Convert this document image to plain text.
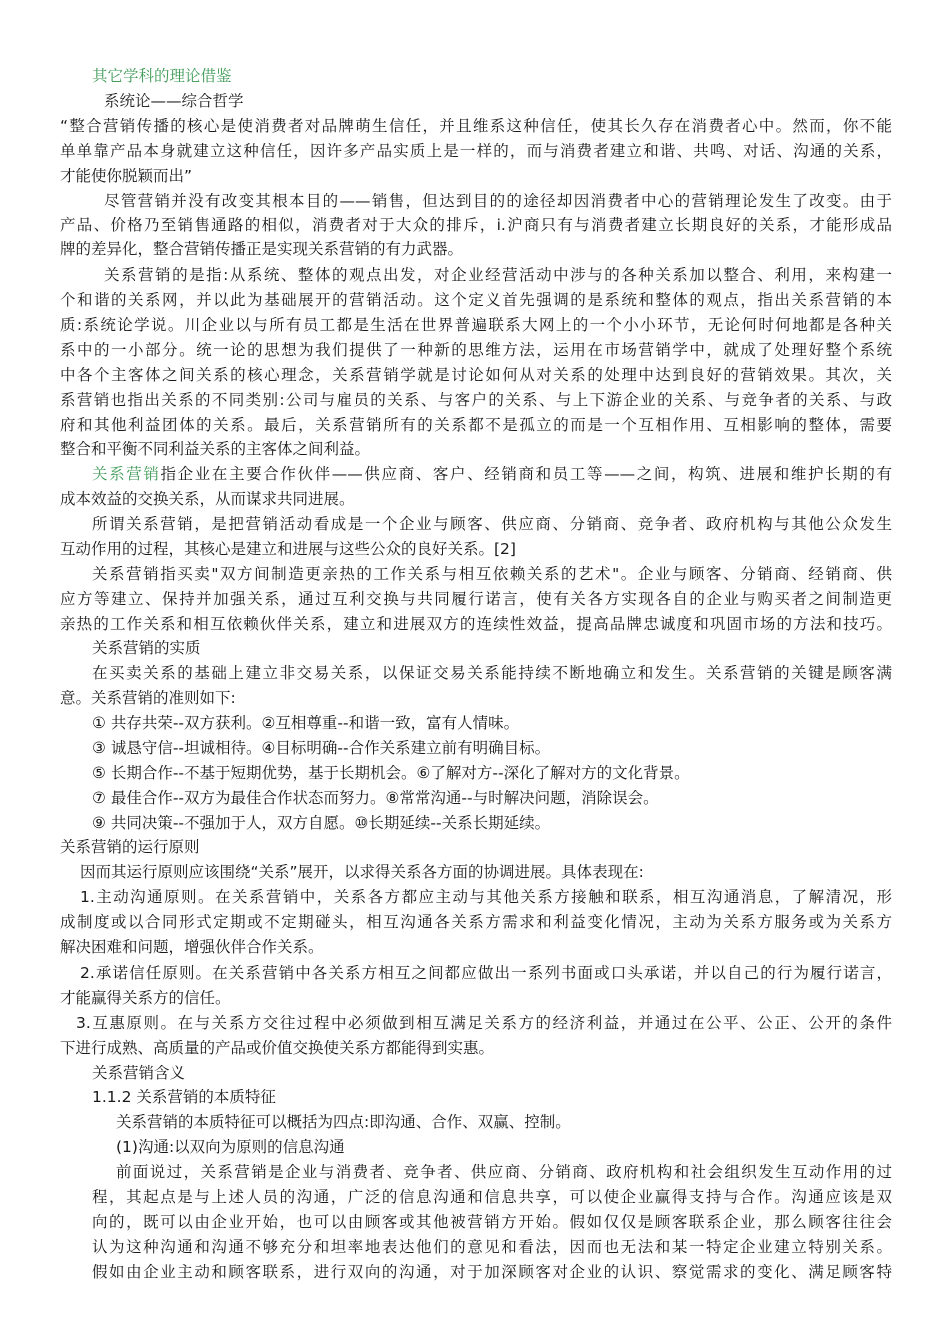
其它学科的理论借鉴
系统论——综合哲学
“整合营销传播的核心是使消费者对品牌萌生信任，并且维系这种信任，使其长久存在消费者心中。然而，你不能
单单靠产品本身就建立这种信任，因许多产品实质上是一样的，而与消费者建立和谐、共鸣、对话、沟通的关系，
才能使你脱颖而出”
尽管营销并没有改变其根本目的——销售，但达到目的的途径却因消费者中心的营销理论发生了改变。由于
产品、价格乃至销售通路的相似，消费者对于大众的排斥，i.沪商只有与消费者建立长期良好的关系，才能形成品
牌的差异化，整合营销传播正是实现关系营销的有力武器。
关系营销的是指:从系统、整体的观点出发，对企业经营活动中涉与的各种关系加以整合、利用，来构建一
个和谐的关系网，并以此为基础展开的营销活动。这个定义首先强调的是系统和整体的观点，指出关系营销的本
质:系统论学说。川企业以与所有员工都是生活在世界普遍联系大网上的一个小小环节，无论何时何地都是各种关
系中的一小部分。统一论的思想为我们提供了一种新的思维方法，运用在市场营销学中，就成了处理好整个系统
中各个主客体之间关系的核心理念，关系营销学就是讨论如何从对关系的处理中达到良好的营销效果。其次，关
系营销也指出关系的不同类别:公司与雇员的关系、与客户的关系、与上下游企业的关系、与竞争者的关系、与政
府和其他利益团体的关系。最后，关系营销所有的关系都不是孤立的而是一个互相作用、互相影响的整体，需要
整合和平衡不同利益关系的主客体之间利益。
关系营销指企业在主要合作伙伴——供应商、客户、经销商和员工等——之间，构筑、进展和维护长期的有
成本效益的交换关系，从而谋求共同进展。
所谓关系营销，是把营销活动看成是一个企业与顾客、供应商、分销商、竞争者、政府机构与其他公众发生
互动作用的过程，其核心是建立和进展与这些公众的良好关系。[2]
关系营销指买卖"双方间制造更亲热的工作关系与相互依赖关系的艺术"。企业与顾客、分销商、经销商、供
应方等建立、保持并加强关系，通过互利交换与共同履行诺言，使有关各方实现各自的企业与购买者之间制造更
亲热的工作关系和相互依赖伙伴关系，建立和进展双方的连续性效益，提高品牌忠诚度和巩固市场的方法和技巧。
关系营销的实质
在买卖关系的基础上建立非交易关系，以保证交易关系能持续不断地确立和发生。关系营销的关键是顾客满
意。关系营销的准则如下:
① 共存共荣--双方获利。②互相尊重--和谐一致，富有人情味。
③ 诚恳守信--坦诚相待。④目标明确--合作关系建立前有明确目标。
⑤ 长期合作--不基于短期优势，基于长期机会。⑥了解对方--深化了解对方的文化背景。
⑦ 最佳合作--双方为最佳合作状态而努力。⑧常常沟通--与时解决问题，消除误会。
⑨ 共同决策--不强加于人，双方自愿。⑩长期延续--关系长期延续。
关系营销的运行原则
因而其运行原则应该围绕“关系”展开，以求得关系各方面的协调进展。具体表现在:
1.主动沟通原则。在关系营销中，关系各方都应主动与其他关系方接触和联系，相互沟通消息，了解清况，形
成制度或以合同形式定期或不定期碰头，相互沟通各关系方需求和利益变化情况，主动为关系方服务或为关系方
解决困难和问题，增强伙伴合作关系。
2.承诺信任原则。在关系营销中各关系方相互之间都应做出一系列书面或口头承诺，并以自己的行为履行诺言，
才能赢得关系方的信任。
3.互惠原则。在与关系方交往过程中必须做到相互满足关系方的经济利益，并通过在公平、公正、公开的条件
下进行成熟、高质量的产品或价值交换使关系方都能得到实惠。
关系营销含义
1.1.2 关系营销的本质特征
关系营销的本质特征可以概括为四点:即沟通、合作、双赢、控制。
(1)沟通:以双向为原则的信息沟通
前面说过，关系营销是企业与消费者、竞争者、供应商、分销商、政府机构和社会组织发生互动作用的过
程，其起点是与上述人员的沟通，广泛的信息沟通和信息共享，可以使企业赢得支持与合作。沟通应该是双
向的，既可以由企业开始，也可以由顾客或其他被营销方开始。假如仅仅是顾客联系企业，那么顾客往往会
认为这种沟通和沟通不够充分和坦率地表达他们的意见和看法，因而也无法和某一特定企业建立特别关系。
假如由企业主动和顾客联系，进行双向的沟通，对于加深顾客对企业的认识、察觉需求的变化、满足顾客特
